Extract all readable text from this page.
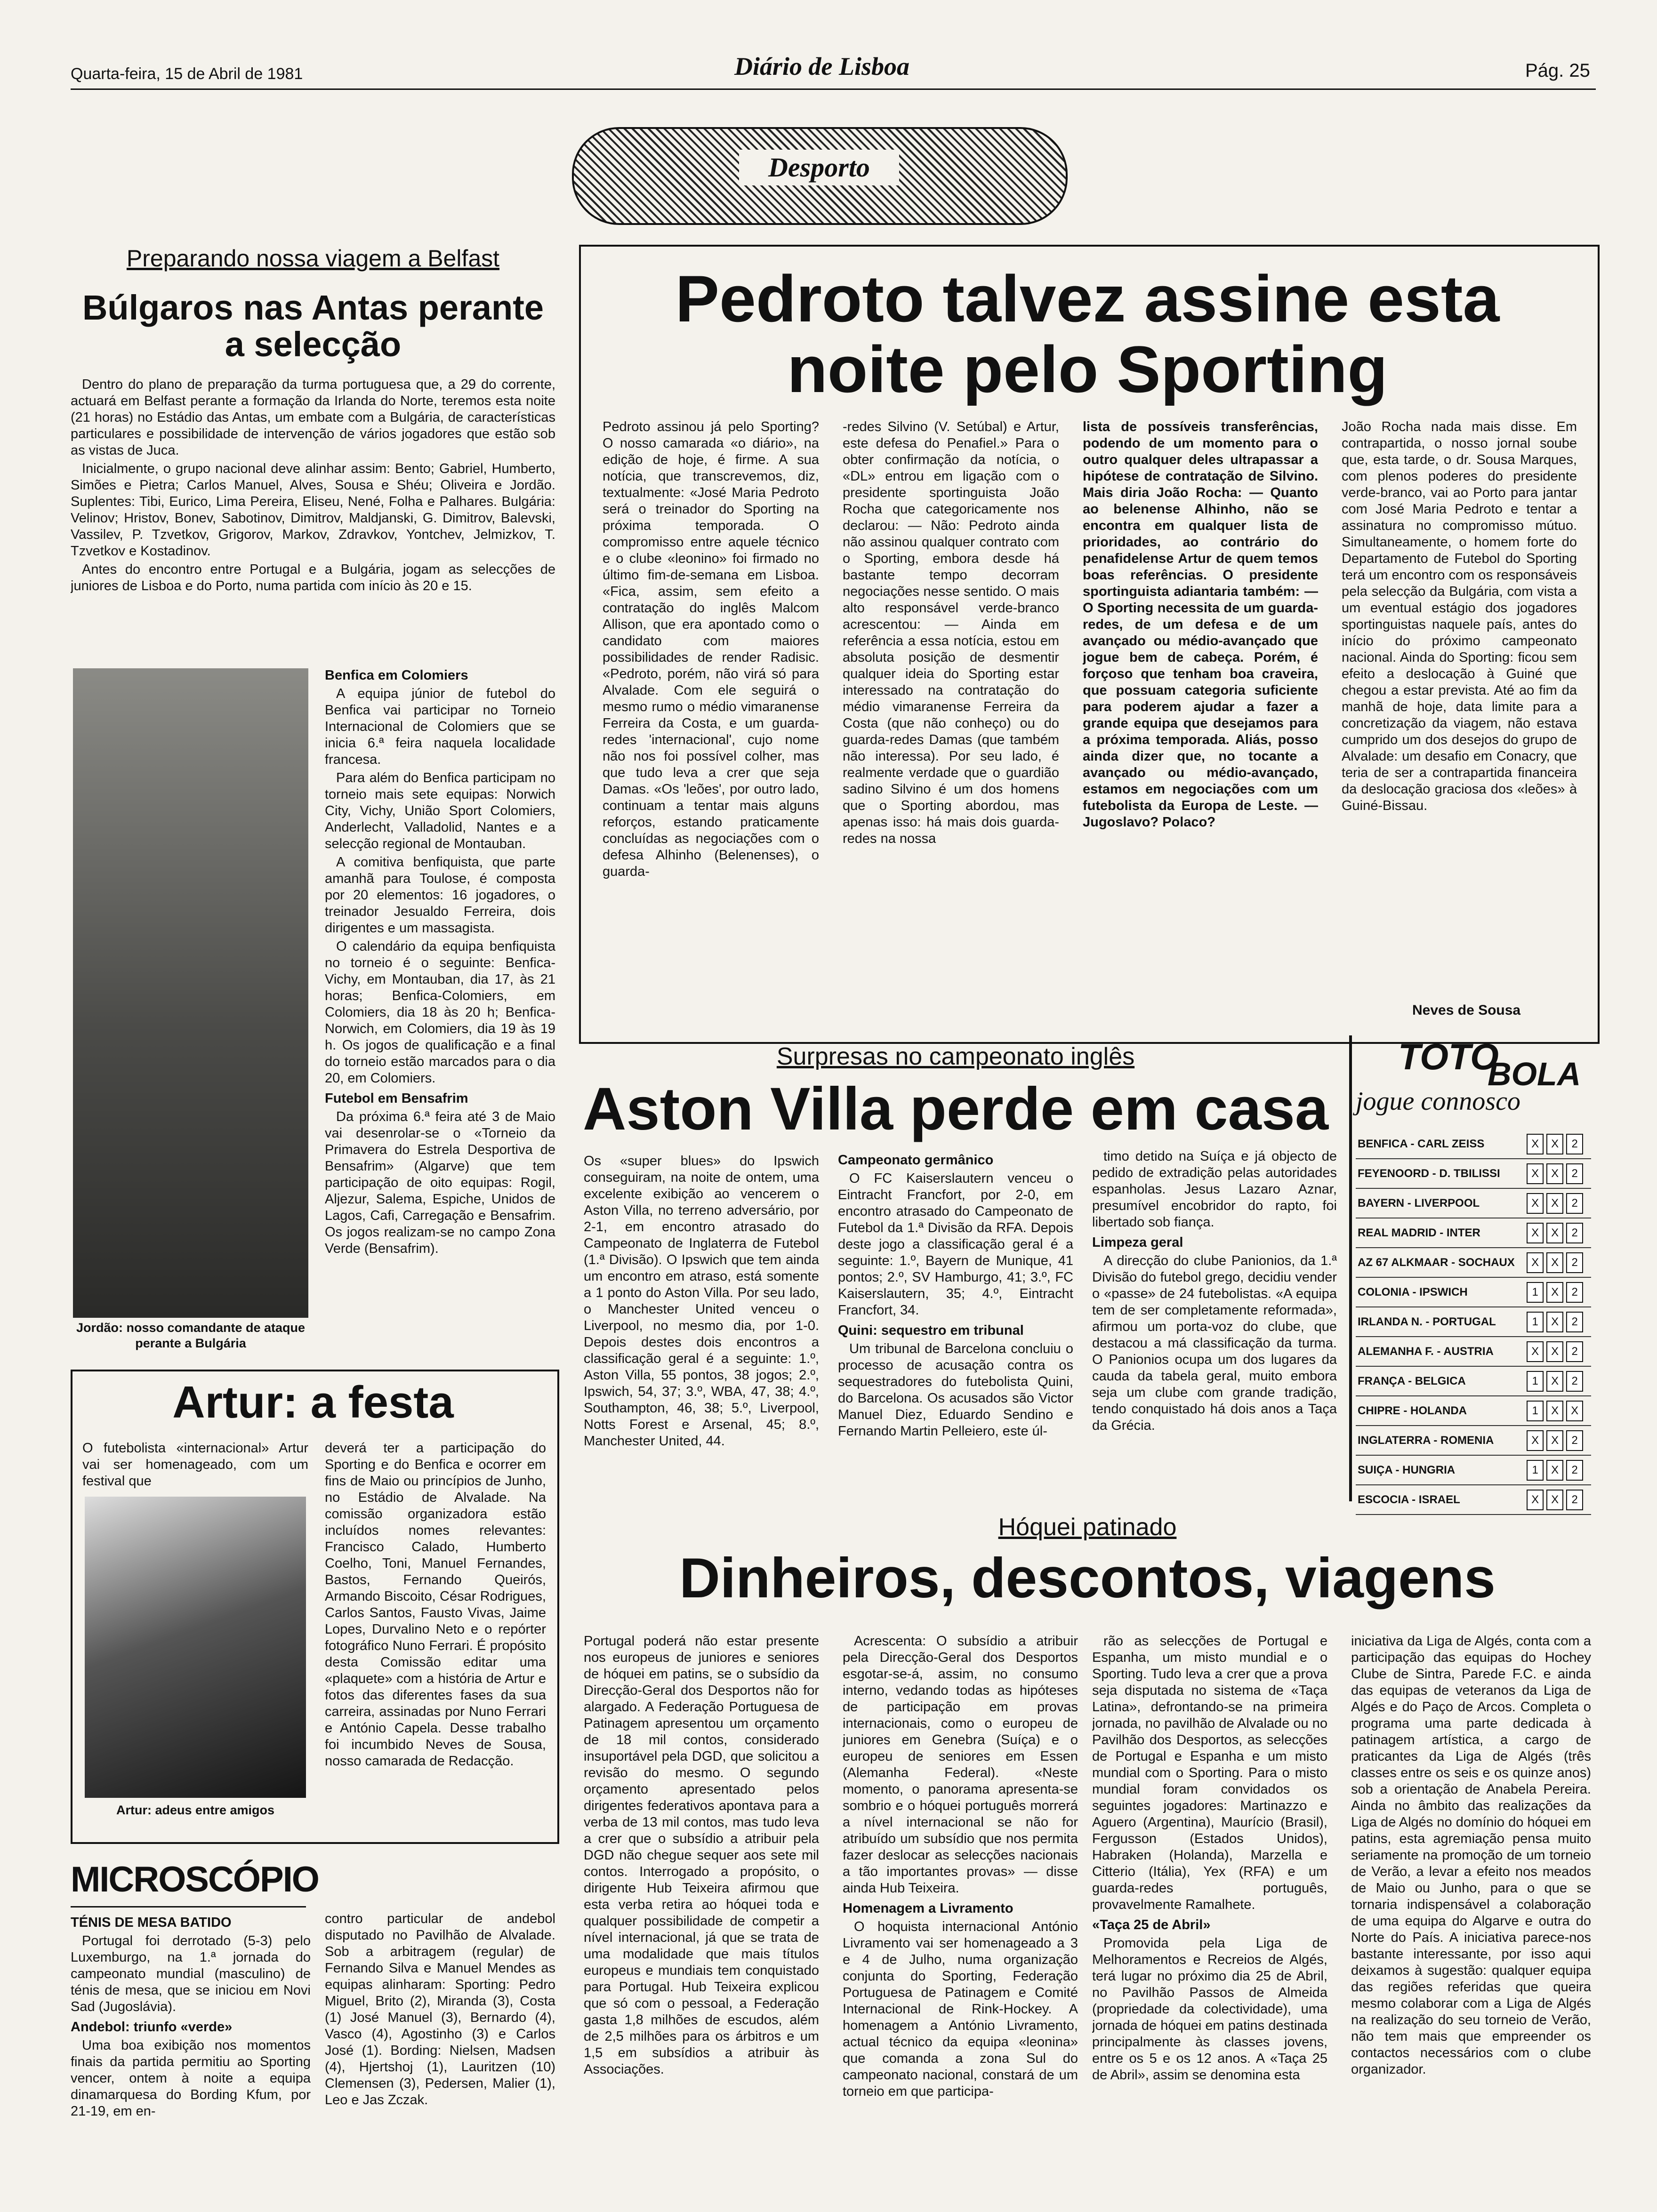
Quarta-feira, 15 de Abril de 1981	Diário de Lisboa	Pág. 25
Desporto
Preparando nossa viagem a Belfast
Búlgaros nas Antas perante a selecção

Dentro do plano de preparação da turma portuguesa que, a 29 do corrente, actuará em Belfast perante a formação da Irlanda do Norte, teremos esta noite (21 horas) no Estádio das Antas, um embate com a Bulgária, de características particulares e possibilidade de intervenção de vários jogadores que estão sob as vistas de Juca.

Inicialmente, o grupo nacional deve alinhar assim: Bento; Gabriel, Humberto, Simões e Pietra; Carlos Manuel, Alves, Sousa e Shéu; Oliveira e Jordão. Suplentes: Tibi, Eurico, Lima Pereira, Eliseu, Nené, Folha e Palhares. Bulgária: Velinov; Hristov, Bonev, Sabotinov, Dimitrov, Maldjanski, G. Dimitrov, Balevski, Vassilev, P. Tzvetkov, Grigorov, Markov, Zdravkov, Yontchev, Jelmizkov, T. Tzvetkov e Kostadinov.

Antes do encontro entre Portugal e a Bulgária, jogam as selecções de juniores de Lisboa e do Porto, numa partida com início às 20 e 15.

Jordão: nosso comandante de ataque perante a Bulgária

Benfica em Colomiers

A equipa júnior de futebol do Benfica vai participar no Torneio Internacional de Colomiers que se inicia 6.ª feira naquela localidade francesa.

Para além do Benfica participam no torneio mais sete equipas: Norwich City, Vichy, União Sport Colomiers, Anderlecht, Valladolid, Nantes e a selecção regional de Montauban.

A comitiva benfiquista, que parte amanhã para Toulose, é composta por 20 elementos: 16 jogadores, o treinador Jesualdo Ferreira, dois dirigentes e um massagista.

O calendário da equipa benfiquista no torneio é o seguinte: Benfica-Vichy, em Montauban, dia 17, às 21 horas; Benfica-Colomiers, em Colomiers, dia 18 às 20 h; Benfica-Norwich, em Colomiers, dia 19 às 19 h. Os jogos de qualificação e a final do torneio estão marcados para o dia 20, em Colomiers.

Futebol em Bensafrim

Da próxima 6.ª feira até 3 de Maio vai desenrolar-se o «Torneio da Primavera do Estrela Desportiva de Bensafrim» (Algarve) que tem participação de oito equipas: Rogil, Aljezur, Salema, Espiche, Unidos de Lagos, Cafi, Carregação e Bensafrim. Os jogos realizam-se no campo Zona Verde (Bensafrim).

Artur: a festa
O futebolista «internacional» Artur vai ser homenageado, com um festival que
Artur: adeus entre amigos
deverá ter a participação do Sporting e do Benfica e ocorrer em fins de Maio ou princípios de Junho, no Estádio de Alvalade. Na comissão organizadora estão incluídos nomes relevantes: Francisco Calado, Humberto Coelho, Toni, Manuel Fernandes, Bastos, Fernando Queirós, Armando Biscoito, César Rodrigues, Carlos Santos, Fausto Vivas, Jaime Lopes, Durvalino Neto e o repórter fotográfico Nuno Ferrari. É propósito desta Comissão editar uma «plaquete» com a história de Artur e fotos das diferentes fases da sua carreira, assinadas por Nuno Ferrari e António Capela. Desse trabalho foi incumbido Neves de Sousa, nosso camarada de Redacção.
MICROSCÓPIO

TÉNIS DE MESA BATIDO

Portugal foi derrotado (5-3) pelo Luxemburgo, na 1.ª jornada do campeonato mundial (masculino) de ténis de mesa, que se iniciou em Novi Sad (Jugoslávia).

Andebol: triunfo «verde»

Uma boa exibição nos momentos finais da partida permitiu ao Sporting vencer, ontem à noite a equipa dinamarquesa do Bording Kfum, por 21-19, em en-

contro particular de andebol disputado no Pavilhão de Alvalade. Sob a arbitragem (regular) de Fernando Silva e Manuel Mendes as equipas alinharam: Sporting: Pedro Miguel, Brito (2), Miranda (3), Costa (1) José Manuel (3), Bernardo (4), Vasco (4), Agostinho (3) e Carlos José (1). Bording: Nielsen, Madsen (4), Hjertshoj (1), Lauritzen (10) Clemensen (3), Pedersen, Malier (1), Leo e Jas Zczak.
Pedroto talvez assine esta noite pelo Sporting
Pedroto assinou já pelo Sporting? O nosso camarada «o diário», na edição de hoje, é firme. A sua notícia, que transcrevemos, diz, textualmente: «José Maria Pedroto será o treinador do Sporting na próxima temporada. O compromisso entre aquele técnico e o clube «leonino» foi firmado no último fim-de-semana em Lisboa. «Fica, assim, sem efeito a contratação do inglês Malcom Allison, que era apontado como o candidato com maiores possibilidades de render Radisic. «Pedroto, porém, não virá só para Alvalade. Com ele seguirá o mesmo rumo o médio vimaranense Ferreira da Costa, e um guarda-redes 'internacional', cujo nome não nos foi possível colher, mas que tudo leva a crer que seja Damas. «Os 'leões', por outro lado, continuam a tentar mais alguns reforços, estando praticamente concluídas as negociações com o defesa Alhinho (Belenenses), o guarda-
-redes Silvino (V. Setúbal) e Artur, este defesa do Penafiel.» Para o obter confirmação da notícia, o «DL» entrou em ligação com o presidente sportinguista João Rocha que categoricamente nos declarou: — Não: Pedroto ainda não assinou qualquer contrato com o Sporting, embora desde há bastante tempo decorram negociações nesse sentido. O mais alto responsável verde-branco acrescentou: — Ainda em referência a essa notícia, estou em absoluta posição de desmentir qualquer ideia do Sporting estar interessado na contratação do médio vimaranense Ferreira da Costa (que não conheço) ou do guarda-redes Damas (que também não interessa). Por seu lado, é realmente verdade que o guardião sadino Silvino é um dos homens que o Sporting abordou, mas apenas isso: há mais dois guarda-redes na nossa
lista de possíveis transferências, podendo de um momento para o outro qualquer deles ultrapassar a hipótese de contratação de Silvino. Mais diria João Rocha: — Quanto ao belenense Alhinho, não se encontra em qualquer lista de prioridades, ao contrário do penafidelense Artur de quem temos boas referências. O presidente sportinguista adiantaria também: — O Sporting necessita de um guarda-redes, de um defesa e de um avançado ou médio-avançado que jogue bem de cabeça. Porém, é forçoso que tenham boa craveira, que possuam categoria suficiente para poderem ajudar a fazer a grande equipa que desejamos para a próxima temporada. Aliás, posso ainda dizer que, no tocante a avançado ou médio-avançado, estamos em negociações com um futebolista da Europa de Leste. — Jugoslavo? Polaco?
João Rocha nada mais disse. Em contrapartida, o nosso jornal soube que, esta tarde, o dr. Sousa Marques, com plenos poderes do presidente verde-branco, vai ao Porto para jantar com José Maria Pedroto e tentar a assinatura no compromisso mútuo. Simultaneamente, o homem forte do Departamento de Futebol do Sporting terá um encontro com os responsáveis pela selecção da Bulgária, com vista a um eventual estágio dos jogadores sportinguistas naquele país, antes do início do próximo campeonato nacional. Ainda do Sporting: ficou sem efeito a deslocação à Guiné que chegou a estar prevista. Até ao fim da manhã de hoje, data limite para a concretização da viagem, não estava cumprido um dos desejos do grupo de Alvalade: um desafio em Conacry, que teria de ser a contrapartida financeira da deslocação graciosa dos «leões» à Guiné-Bissau.
Neves de Sousa
Surpresas no campeonato inglês
Aston Villa perde em casa
Os «super blues» do Ipswich conseguiram, na noite de ontem, uma excelente exibição ao vencerem o Aston Villa, no terreno adversário, por 2-1, em encontro atrasado do Campeonato de Inglaterra de Futebol (1.ª Divisão). O Ipswich que tem ainda um encontro em atraso, está somente a 1 ponto do Aston Villa. Por seu lado, o Manchester United venceu o Liverpool, no mesmo dia, por 1-0. Depois destes dois encontros a classificação geral é a seguinte: 1.º, Aston Villa, 55 pontos, 38 jogos; 2.º, Ipswich, 54, 37; 3.º, WBA, 47, 38; 4.º, Southampton, 46, 38; 5.º, Liverpool, Notts Forest e Arsenal, 45; 8.º, Manchester United, 44.

Campeonato germânico

O FC Kaiserslautern venceu o Eintracht Francfort, por 2-0, em encontro atrasado do Campeonato de Futebol da 1.ª Divisão da RFA. Depois deste jogo a classificação geral é a seguinte: 1.º, Bayern de Munique, 41 pontos; 2.º, SV Hamburgo, 41; 3.º, FC Kaiserslautern, 35; 4.º, Eintracht Francfort, 34.

Quini: sequestro em tribunal

Um tribunal de Barcelona concluiu o processo de acusação contra os sequestradores do futebolista Quini, do Barcelona. Os acusados são Victor Manuel Diez, Eduardo Sendino e Fernando Martin Pelleiero, este úl-

timo detido na Suíça e já objecto de pedido de extradição pelas autoridades espanholas. Jesus Lazaro Aznar, presumível encobridor do rapto, foi libertado sob fiança.

Limpeza geral

A direcção do clube Panionios, da 1.ª Divisão do futebol grego, decidiu vender o «passe» de 24 futebolistas. «A equipa tem de ser completamente reformada», afirmou um porta-voz do clube, que destacou a má classificação da turma. O Panionios ocupa um dos lugares da cauda da tabela geral, muito embora seja um clube com grande tradição, tendo conquistado há dois anos a Taça da Grécia.

TOTO
BOLA
jogue connosco
BENFICA - CARL ZEISS	X X 2
FEYENOORD - D. TBILISSI	X X 2
BAYERN - LIVERPOOL	X X 2
REAL MADRID - INTER	X X 2
AZ 67 ALKMAAR - SOCHAUX	X X 2
COLONIA - IPSWICH	1 X 2
IRLANDA N. - PORTUGAL	1 X 2
ALEMANHA F. - AUSTRIA	X X 2
FRANÇA - BELGICA	1 X 2
CHIPRE - HOLANDA	1 X X
INGLATERRA - ROMENIA	X X 2
SUIÇA - HUNGRIA	1 X 2
ESCOCIA - ISRAEL	X X 2
Hóquei patinado
Dinheiros, descontos, viagens
Portugal poderá não estar presente nos europeus de juniores e seniores de hóquei em patins, se o subsídio da Direcção-Geral dos Desportos não for alargado. A Federação Portuguesa de Patinagem apresentou um orçamento de 18 mil contos, considerado insuportável pela DGD, que solicitou a revisão do mesmo. O segundo orçamento apresentado pelos dirigentes federativos apontava para a verba de 13 mil contos, mas tudo leva a crer que o subsídio a atribuir pela DGD não chegue sequer aos sete mil contos. Interrogado a propósito, o dirigente Hub Teixeira afirmou que esta verba retira ao hóquei toda e qualquer possibilidade de competir a nível internacional, já que se trata de uma modalidade que mais títulos europeus e mundiais tem conquistado para Portugal. Hub Teixeira explicou que só com o pessoal, a Federação gasta 1,8 milhões de escudos, além de 2,5 milhões para os árbitros e um 1,5 em subsídios a atribuir às Associações.

Acrescenta: O subsídio a atribuir pela Direcção-Geral dos Desportos esgotar-se-á, assim, no consumo interno, vedando todas as hipóteses de participação em provas internacionais, como o europeu de juniores em Genebra (Suíça) e o europeu de seniores em Essen (Alemanha Federal). «Neste momento, o panorama apresenta-se sombrio e o hóquei português morrerá a nível internacional se não for atribuído um subsídio que nos permita fazer deslocar as selecções nacionais a tão importantes provas» — disse ainda Hub Teixeira.

Homenagem a Livramento

O hoquista internacional António Livramento vai ser homenageado a 3 e 4 de Julho, numa organização conjunta do Sporting, Federação Portuguesa de Patinagem e Comité Internacional de Rink-Hockey. A homenagem a António Livramento, actual técnico da equipa «leonina» que comanda a zona Sul do campeonato nacional, constará de um torneio em que participa-

rão as selecções de Portugal e Espanha, um misto mundial e o Sporting. Tudo leva a crer que a prova seja disputada no sistema de «Taça Latina», defrontando-se na primeira jornada, no pavilhão de Alvalade ou no Pavilhão dos Desportos, as selecções de Portugal e Espanha e um misto mundial com o Sporting. Para o misto mundial foram convidados os seguintes jogadores: Martinazzo e Aguero (Argentina), Maurício (Brasil), Fergusson (Estados Unidos), Habraken (Holanda), Marzella e Citterio (Itália), Yex (RFA) e um guarda-redes português, provavelmente Ramalhete.

«Taça 25 de Abril»

Promovida pela Liga de Melhoramentos e Recreios de Algés, terá lugar no próximo dia 25 de Abril, no Pavilhão Passos de Almeida (propriedade da colectividade), uma jornada de hóquei em patins destinada principalmente às classes jovens, entre os 5 e os 12 anos. A «Taça 25 de Abril», assim se denomina esta

iniciativa da Liga de Algés, conta com a participação das equipas do Hochey Clube de Sintra, Parede F.C. e ainda das equipas de veteranos da Liga de Algés e do Paço de Arcos. Completa o programa uma parte dedicada à patinagem artística, a cargo de praticantes da Liga de Algés (três classes entre os seis e os quinze anos) sob a orientação de Anabela Pereira. Ainda no âmbito das realizações da Liga de Algés no domínio do hóquei em patins, esta agremiação pensa muito seriamente na promoção de um torneio de Verão, a levar a efeito nos meados de Maio ou Junho, para o que se tornaria indispensável a colaboração de uma equipa do Algarve e outra do Norte do País. A iniciativa parece-nos bastante interessante, por isso aqui deixamos à sugestão: qualquer equipa das regiões referidas que queira mesmo colaborar com a Liga de Algés na realização do seu torneio de Verão, não tem mais que empreender os contactos necessários com o clube organizador.
